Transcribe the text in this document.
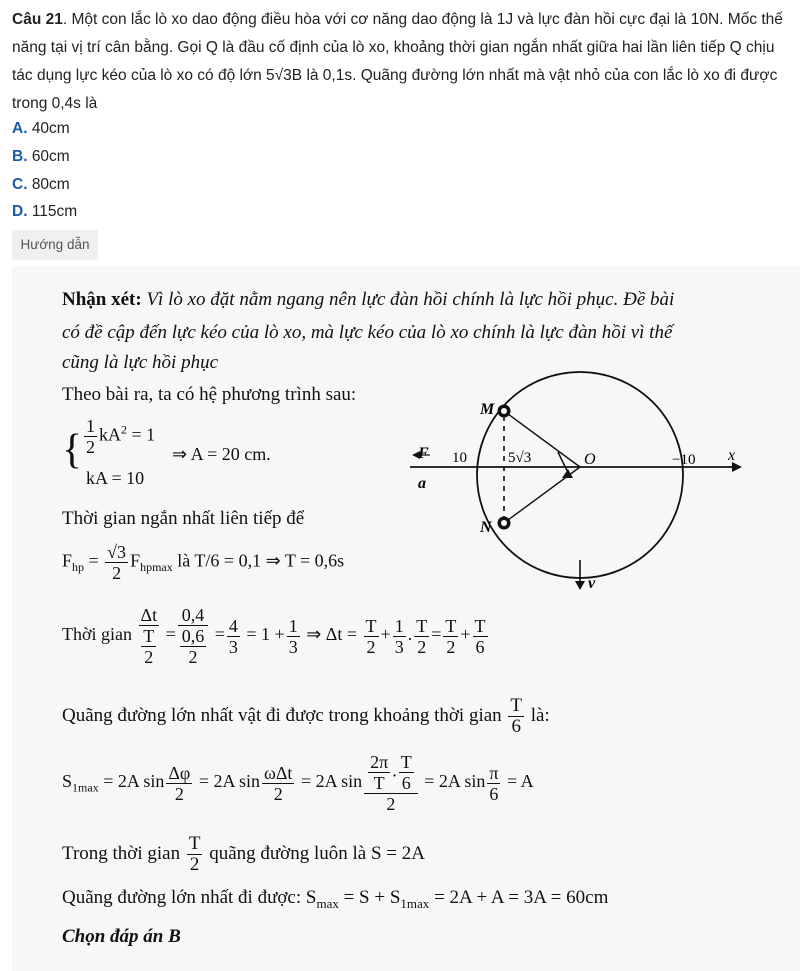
Câu 21. Một con lắc lò xo dao động điều hòa với cơ năng dao động là 1J và lực đàn hồi cực đại là 10N. Mốc thế năng tại vị trí cân bằng. Gọi Q là đầu cố định của lò xo, khoảng thời gian ngắn nhất giữa hai lần liên tiếp Q chịu tác dụng lực kéo của lò xo có độ lớn 5√3B là 0,1s. Quãng đường lớn nhất mà vật nhỏ của con lắc lò xo đi được trong 0,4s là
A. 40cm
B. 60cm
C. 80cm
D. 115cm
Hướng dẫn
Nhận xét: Vì lò xo đặt nằm ngang nên lực đàn hồi chính là lực hồi phục. Đề bài
có đề cập đến lực kéo của lò xo, mà lực kéo của lò xo chính là lực đàn hồi vì thế
cũng là lực hồi phục
Theo bài ra, ta có hệ phương trình sau:
{ $\frac{1}{2} kA^2 = 1$
kA = 10
⇒ A = 20 cm.
Thời gian ngắn nhất liên tiếp để
$F_{hp} = \frac{√3}{2} F_{hpmax}$ là T/6 = 0,1 ⇒ T = 0,6s
Thời gian $\frac{\Delta t}{\frac{T}{2}} = \frac{0,4}{\frac{0,6}{2}} = \frac{4}{3} = 1 + \frac{1}{3}$ ⇒ $\Delta t = \frac{T}{2} + \frac{1}{3}$ . $\frac{T}{2} = \frac{T}{2} + \frac{T}{6}$
Quãng đường lớn nhất vật đi được trong khoảng thời gian $\frac{T}{6}$ là:
$S_{1max} = 2A$ $\sin \frac{\Delta\varphi}{2} = 2A$ sin ωΔt
2
= 2A $\sin \frac{\frac{2\pi}{T} . \frac{T}{6}}{2} = 2A$ $\sin \frac{\pi}{6} = A$
Trong thời gian $\frac{T}{2}$ quãng đường luôn là S = 2A
Quãng đường lớn nhất đi được: $S_{max} = S + S_{1max} = 2A + A = 3A = 60cm$
Chọn đáp án B
M
N
F
a
10	5√3	O	−10 x
v
